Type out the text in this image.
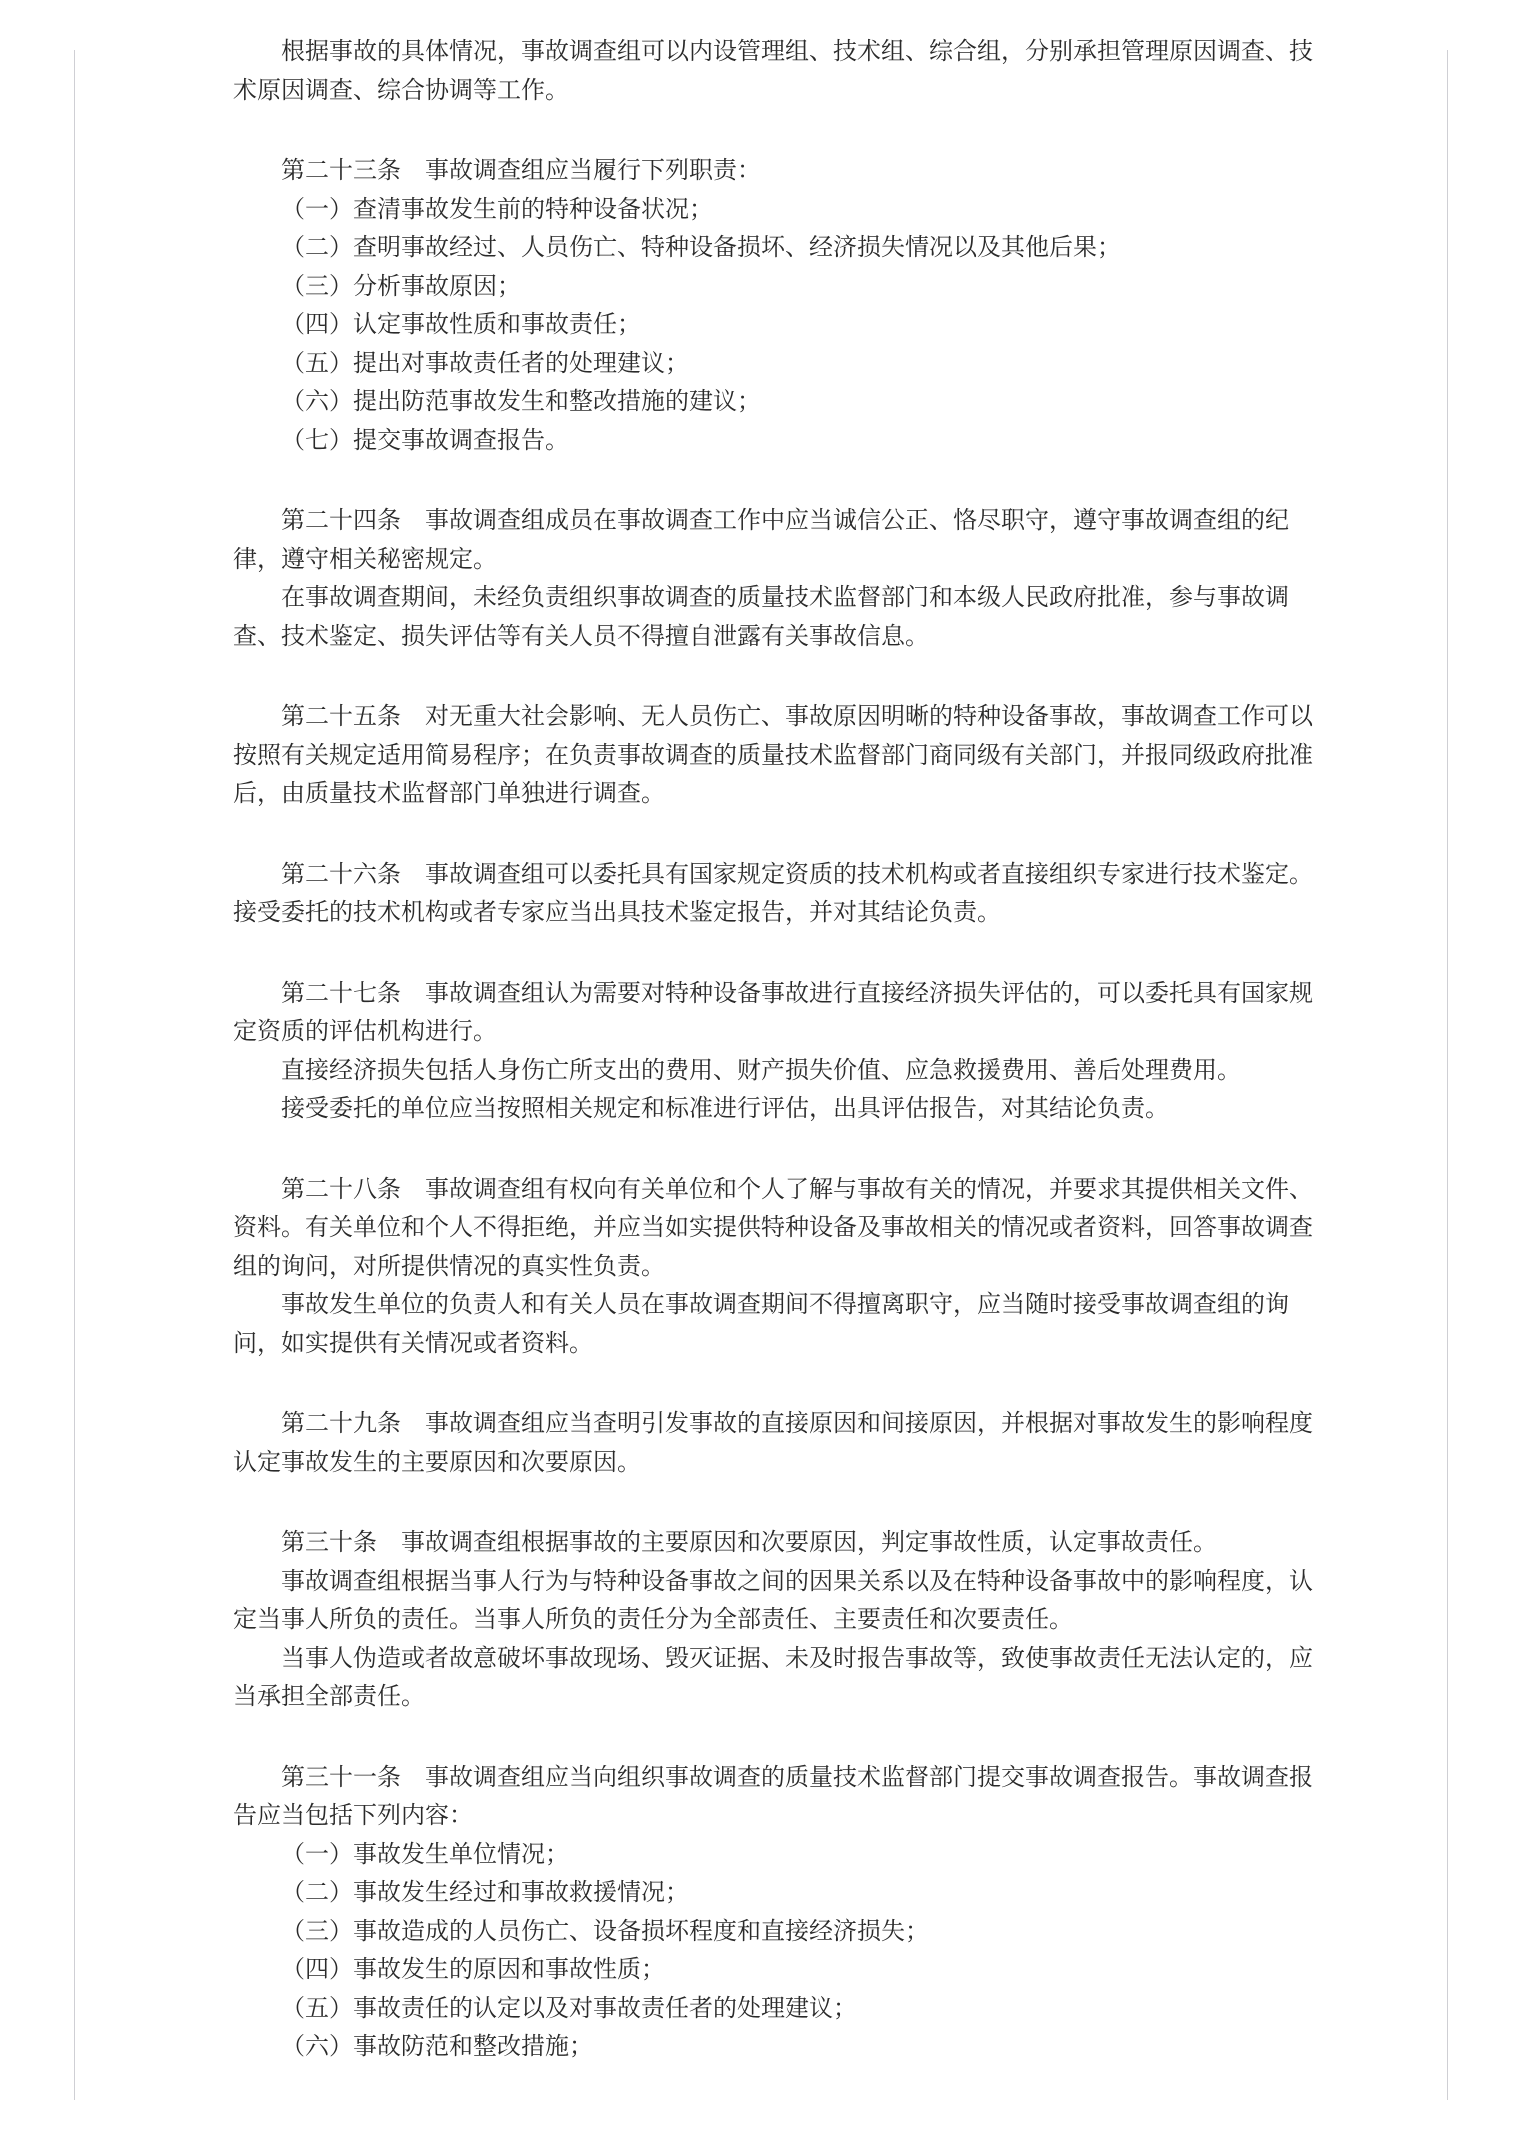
根据事故的具体情况，事故调查组可以内设管理组、技术组、综合组，分别承担管理原因调查、技
术原因调查、综合协调等工作。
第二十三条　事故调查组应当履行下列职责：
（一）查清事故发生前的特种设备状况；
（二）查明事故经过、人员伤亡、特种设备损坏、经济损失情况以及其他后果；
（三）分析事故原因；
（四）认定事故性质和事故责任；
（五）提出对事故责任者的处理建议；
（六）提出防范事故发生和整改措施的建议；
（七）提交事故调查报告。
第二十四条　事故调查组成员在事故调查工作中应当诚信公正、恪尽职守，遵守事故调查组的纪
律，遵守相关秘密规定。
在事故调查期间，未经负责组织事故调查的质量技术监督部门和本级人民政府批准，参与事故调
查、技术鉴定、损失评估等有关人员不得擅自泄露有关事故信息。
第二十五条　对无重大社会影响、无人员伤亡、事故原因明晰的特种设备事故，事故调查工作可以
按照有关规定适用简易程序；在负责事故调查的质量技术监督部门商同级有关部门，并报同级政府批准
后，由质量技术监督部门单独进行调查。
第二十六条　事故调查组可以委托具有国家规定资质的技术机构或者直接组织专家进行技术鉴定。
接受委托的技术机构或者专家应当出具技术鉴定报告，并对其结论负责。
第二十七条　事故调查组认为需要对特种设备事故进行直接经济损失评估的，可以委托具有国家规
定资质的评估机构进行。
直接经济损失包括人身伤亡所支出的费用、财产损失价值、应急救援费用、善后处理费用。
接受委托的单位应当按照相关规定和标准进行评估，出具评估报告，对其结论负责。
第二十八条　事故调查组有权向有关单位和个人了解与事故有关的情况，并要求其提供相关文件、
资料。有关单位和个人不得拒绝，并应当如实提供特种设备及事故相关的情况或者资料，回答事故调查
组的询问，对所提供情况的真实性负责。
事故发生单位的负责人和有关人员在事故调查期间不得擅离职守，应当随时接受事故调查组的询
问，如实提供有关情况或者资料。
第二十九条　事故调查组应当查明引发事故的直接原因和间接原因，并根据对事故发生的影响程度
认定事故发生的主要原因和次要原因。
第三十条　事故调查组根据事故的主要原因和次要原因，判定事故性质，认定事故责任。
事故调查组根据当事人行为与特种设备事故之间的因果关系以及在特种设备事故中的影响程度，认
定当事人所负的责任。当事人所负的责任分为全部责任、主要责任和次要责任。
当事人伪造或者故意破坏事故现场、毁灭证据、未及时报告事故等，致使事故责任无法认定的，应
当承担全部责任。
第三十一条　事故调查组应当向组织事故调查的质量技术监督部门提交事故调查报告。事故调查报
告应当包括下列内容：
（一）事故发生单位情况；
（二）事故发生经过和事故救援情况；
（三）事故造成的人员伤亡、设备损坏程度和直接经济损失；
（四）事故发生的原因和事故性质；
（五）事故责任的认定以及对事故责任者的处理建议；
（六）事故防范和整改措施；
